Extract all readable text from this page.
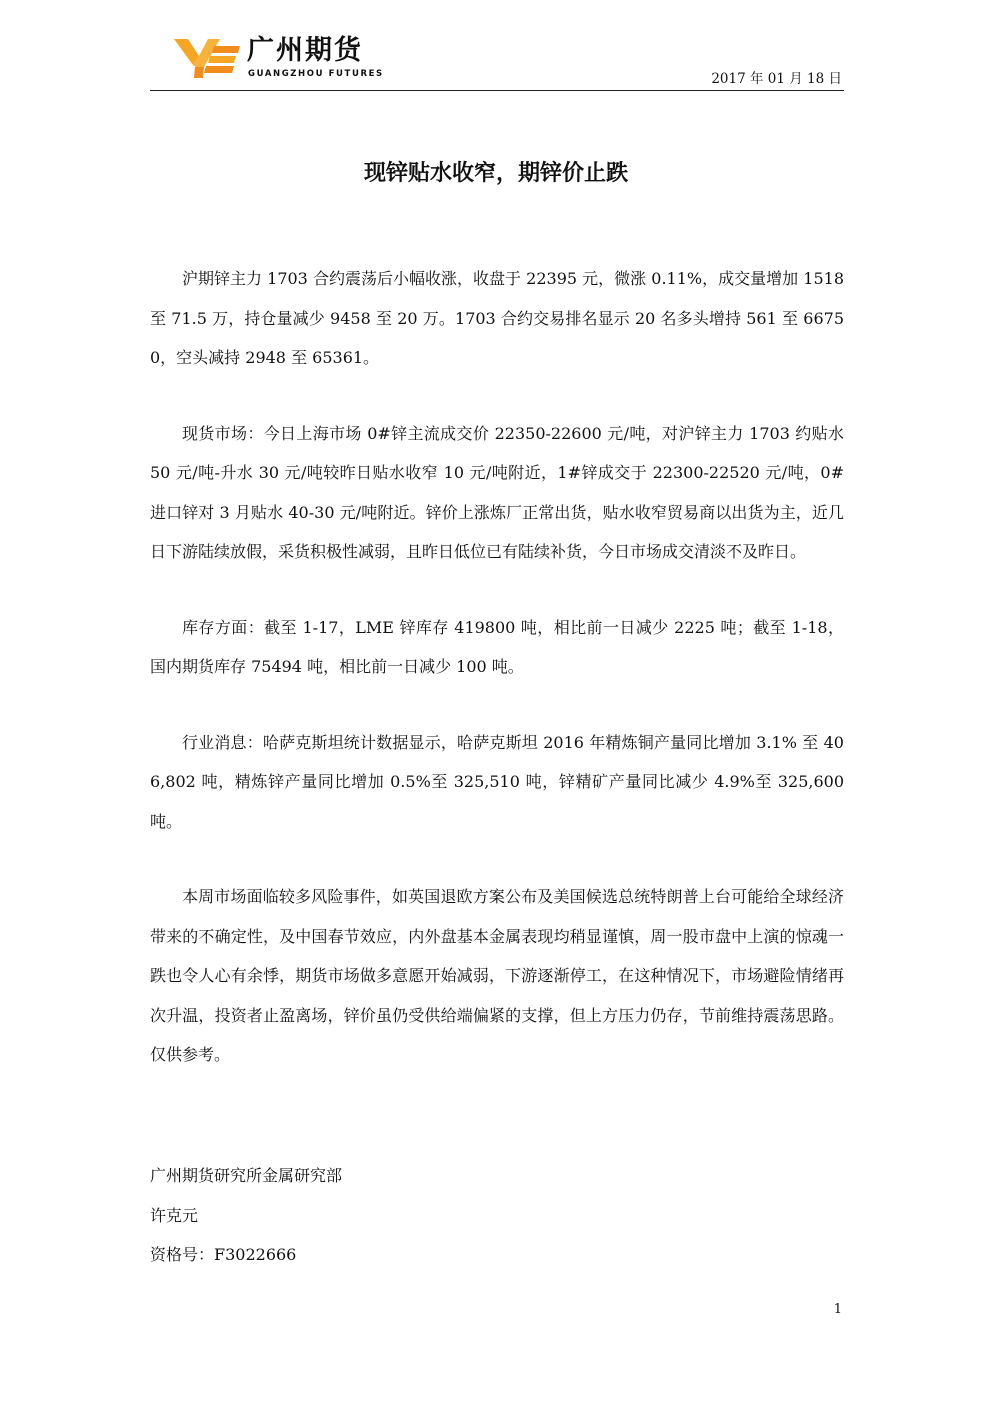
广州期货
GUANGZHOU FUTURES	2017 年 01 月 18 日
现锌贴水收窄，期锌价止跌

沪期锌主力 1703 合约震荡后小幅收涨，收盘于 22395 元，微涨 0.11%，成交量增加 1518 至 71.5 万，持仓量减少 9458 至 20 万。1703 合约交易排名显示 20 名多头增持 561 至 66750，空头减持 2948 至 65361。

现货市场：今日上海市场 0#锌主流成交价 22350-22600 元/吨，对沪锌主力 1703 约贴水 50 元/吨-升水 30 元/吨较昨日贴水收窄 10 元/吨附近，1#锌成交于 22300-22520 元/吨，0#进口锌对 3 月贴水 40-30 元/吨附近。锌价上涨炼厂正常出货，贴水收窄贸易商以出货为主，近几日下游陆续放假，采货积极性减弱，且昨日低位已有陆续补货，今日市场成交清淡不及昨日。

库存方面：截至 1-17，LME 锌库存 419800 吨，相比前一日减少 2225 吨；截至 1-18，国内期货库存 75494 吨，相比前一日减少 100 吨。

行业消息：哈萨克斯坦统计数据显示，哈萨克斯坦 2016 年精炼铜产量同比增加 3.1% 至 406,802 吨，精炼锌产量同比增加 0.5%至 325,510 吨，锌精矿产量同比减少 4.9%至 325,600 吨。

本周市场面临较多风险事件，如英国退欧方案公布及美国候选总统特朗普上台可能给全球经济带来的不确定性，及中国春节效应，内外盘基本金属表现均稍显谨慎，周一股市盘中上演的惊魂一跌也令人心有余悸，期货市场做多意愿开始减弱，下游逐渐停工，在这种情况下，市场避险情绪再次升温，投资者止盈离场，锌价虽仍受供给端偏紧的支撑，但上方压力仍存，节前维持震荡思路。仅供参考。

广州期货研究所金属研究部
许克元
资格号：F3022666
1
